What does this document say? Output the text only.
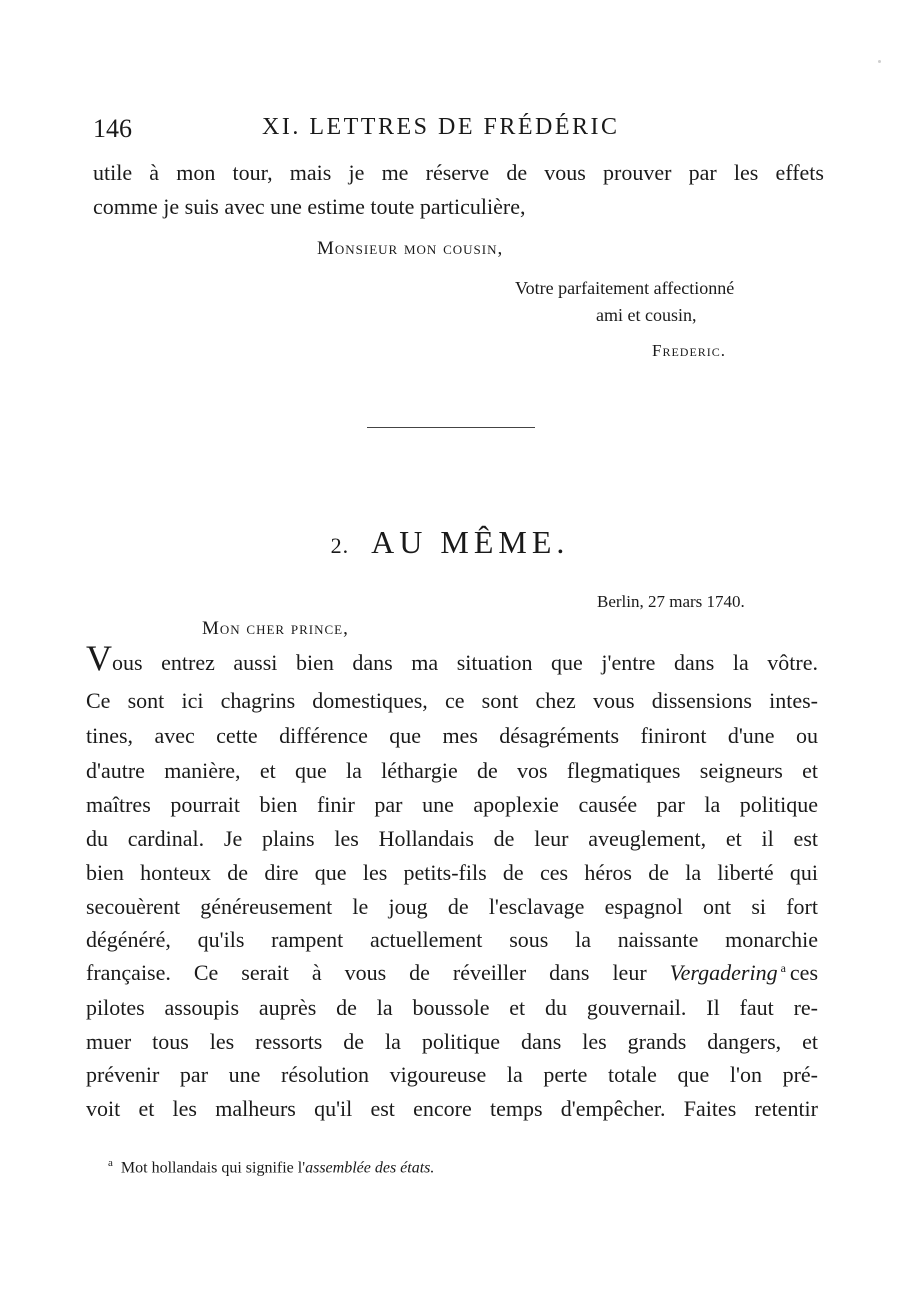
146	XI. LETTRES DE FRÉDÉRIC
utile à mon tour, mais je me réserve de vous prouver par les effets
comme je suis avec une estime toute particulière,
Monsieur mon cousin,
Votre parfaitement affectionné
ami et cousin,
Frederic.
2. AU MÊME.
Berlin, 27 mars 1740.
Mon cher prince,
Vous entrez aussi bien dans ma situation que j'entre dans la vôtre.
Ce sont ici chagrins domestiques, ce sont chez vous dissensions intes-
tines, avec cette différence que mes désagréments finiront d'une ou
d'autre manière, et que la léthargie de vos flegmatiques seigneurs et
maîtres pourrait bien finir par une apoplexie causée par la politique
du cardinal. Je plains les Hollandais de leur aveuglement, et il est
bien honteux de dire que les petits-fils de ces héros de la liberté qui
secouèrent généreusement le joug de l'esclavage espagnol ont si fort
dégénéré, qu'ils rampent actuellement sous la naissante monarchie
française. Ce serait à vous de réveiller dans leur Vergadering $^a$ ces
pilotes assoupis auprès de la boussole et du gouvernail. Il faut re-
muer tous les ressorts de la politique dans les grands dangers, et
prévenir par une résolution vigoureuse la perte totale que l'on pré-
voit et les malheurs qu'il est encore temps d'empêcher. Faites retentir
$^a$ Mot hollandais qui signifie l'assemblée des états.
